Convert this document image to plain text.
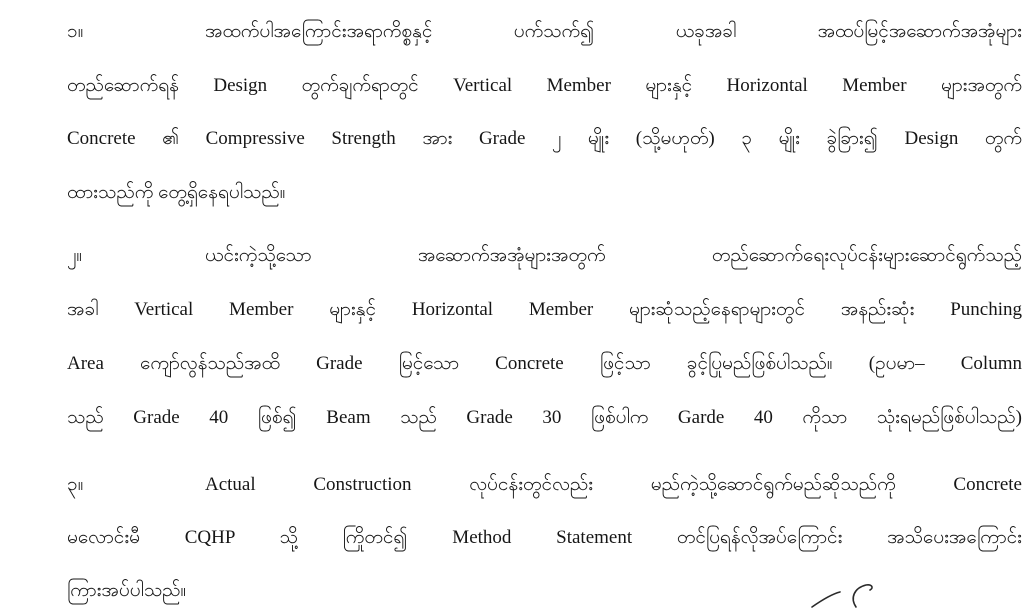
၁။	အထက်ပါအကြောင်းအရာကိစ္စနှင့် ပက်သက်၍ ယခုအခါ အထပ်မြင့်အဆောက်အအုံများ
တည်ဆောက်ရန် Design တွက်ချက်ရာတွင် Vertical Member များနှင့် Horizontal Member များအတွက်
Concrete ၏ Compressive Strength အား Grade ၂ မျိုး (သို့မဟုတ်) ၃ မျိုး ခွဲခြား၍ Design တွက်
ထားသည်ကို တွေ့ရှိနေရပါသည်။
၂။	ယင်းကဲ့သို့သော အဆောက်အအုံများအတွက် တည်ဆောက်ရေးလုပ်ငန်းများဆောင်ရွက်သည့်
အခါ Vertical Member များနှင့် Horizontal Member များဆုံသည့်နေရာများတွင် အနည်းဆုံး Punching
Area ကျော်လွန်သည်အထိ Grade မြင့်သော Concrete ဖြင့်သာ ခွင့်ပြုမည်ဖြစ်ပါသည်။ (ဥပမာ– Column
သည် Grade 40 ဖြစ်၍ Beam သည် Grade 30 ဖြစ်ပါက Garde 40 ကိုသာ သုံးရမည်ဖြစ်ပါသည်)
၃။	Actual Construction လုပ်ငန်းတွင်လည်း မည်ကဲ့သို့ဆောင်ရွက်မည်ဆိုသည်ကို Concrete
မလောင်းမီ CQHP သို့ ကြိုတင်၍ Method Statement တင်ပြရန်လိုအပ်ကြောင်း အသိပေးအကြောင်း
ကြားအပ်ပါသည်။
